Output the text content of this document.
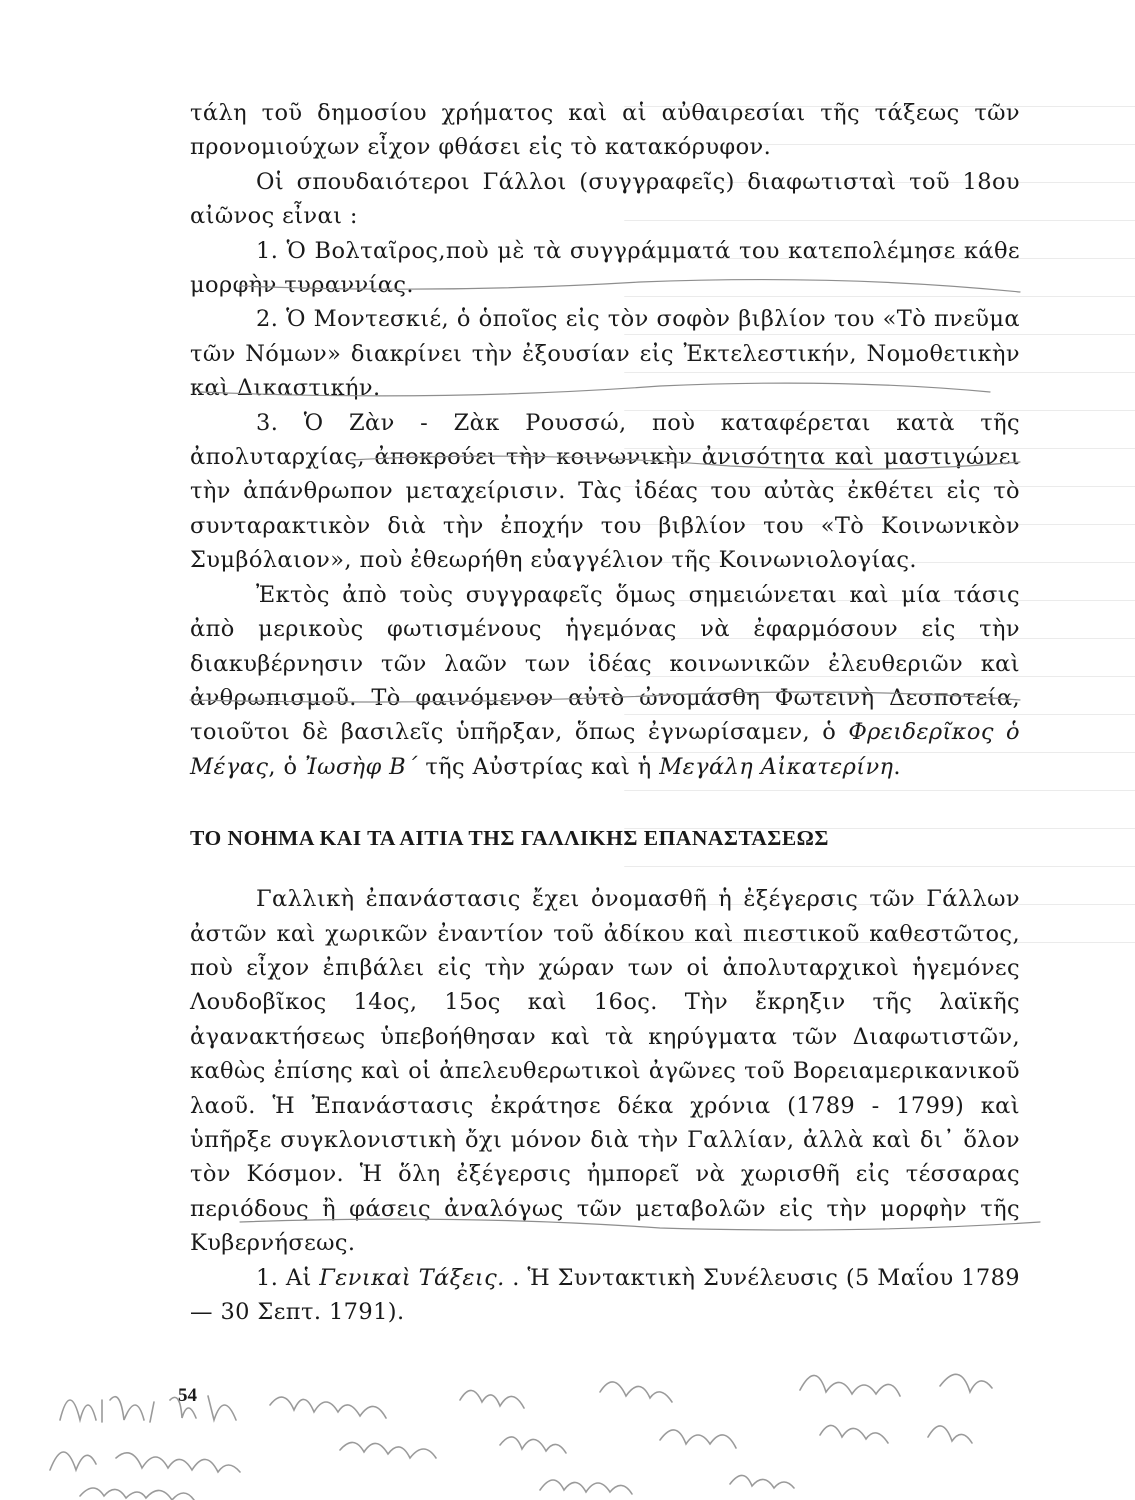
τάλη τοῦ δημοσίου χρήματος καὶ αἱ αὐθαιρεσίαι τῆς τάξεως τῶν προνομιούχων εἶχον φθάσει εἰς τὸ κατακόρυφον.

Οἱ σπουδαιότεροι Γάλλοι (συγγραφεῖς) διαφωτισταὶ τοῦ 18ου αἰῶνος εἶναι :

1. Ὁ Βολταῖρος,ποὺ μὲ τὰ συγγράμματά του κατεπολέμησε κάθε μορφὴν τυραννίας.

2. Ὁ Μοντεσκιέ, ὁ ὁποῖος εἰς τὸν σοφὸν βιβλίον του «Τὸ πνεῦμα τῶν Νόμων» διακρίνει τὴν ἐξουσίαν εἰς Ἐκτελεστικήν, Νομοθετικὴν καὶ Δικαστικήν.

3. Ὁ Ζὰν - Ζὰκ Ρουσσώ, ποὺ καταφέρεται κατὰ τῆς ἀπολυταρχίας, ἀποκρούει τὴν κοινωνικὴν ἀνισότητα καὶ μαστιγώνει τὴν ἀπάνθρωπον μεταχείρισιν. Τὰς ἰδέας του αὐτὰς ἐκθέτει εἰς τὸ συνταρακτικὸν διὰ τὴν ἐποχήν του βιβλίον του «Τὸ Κοινωνικὸν Συμβόλαιον», ποὺ ἐθεωρήθη εὐαγγέλιον τῆς Κοινωνιολογίας.

Ἐκτὸς ἀπὸ τοὺς συγγραφεῖς ὅμως σημειώνεται καὶ μία τάσις ἀπὸ μερικοὺς φωτισμένους ἡγεμόνας νὰ ἐφαρμόσουν εἰς τὴν διακυβέρνησιν τῶν λαῶν των ἰδέας κοινωνικῶν ἐλευθεριῶν καὶ ἀνθρωπισμοῦ. Τὸ φαινόμενον αὐτὸ ὠνομάσθη Φωτεινὴ Δεσποτεία, τοιοῦτοι δὲ βασιλεῖς ὑπῆρξαν, ὅπως ἐγνωρίσαμεν, ὁ Φρειδερῖκος ὁ Μέγας, ὁ Ἰωσὴφ Β΄ τῆς Αὐστρίας καὶ ἡ Μεγάλη Αἰκατερίνη.

ΤΟ ΝΟΗΜΑ ΚΑΙ ΤΑ ΑΙΤΙΑ ΤΗΣ ΓΑΛΛΙΚΗΣ ΕΠΑΝΑΣΤΑΣΕΩΣ

Γαλλικὴ ἐπανάστασις ἔχει ὀνομασθῆ ἡ ἐξέγερσις τῶν Γάλλων ἀστῶν καὶ χωρικῶν ἐναντίον τοῦ ἀδίκου καὶ πιεστικοῦ καθεστῶτος, ποὺ εἶχον ἐπιβάλει εἰς τὴν χώραν των οἱ ἀπολυταρχικοὶ ἡγεμόνες Λουδοβῖκος 14ος, 15ος καὶ 16ος. Τὴν ἔκρηξιν τῆς λαϊκῆς ἀγανακτήσεως ὑπεβοήθησαν καὶ τὰ κηρύγματα τῶν Διαφωτιστῶν, καθὼς ἐπίσης καὶ οἱ ἀπελευθερωτικοὶ ἀγῶνες τοῦ Βορειαμερικανικοῦ λαοῦ. Ἡ Ἐπανάστασις ἐκράτησε δέκα χρόνια (1789 - 1799) καὶ ὑπῆρξε συγκλονιστικὴ ὄχι μόνον διὰ τὴν Γαλλίαν, ἀλλὰ καὶ δι᾿ ὅλον τὸν Κόσμον. Ἡ ὅλη ἐξέγερσις ἠμπορεῖ νὰ χωρισθῆ εἰς τέσσαρας περιόδους ἢ φάσεις ἀναλόγως τῶν μεταβολῶν εἰς τὴν μορφὴν τῆς Κυβερνήσεως.

1. Αἱ Γενικαὶ Τάξεις. . Ἡ Συντακτικὴ Συνέλευσις (5 Μαΐου 1789 — 30 Σεπτ. 1791).

54
